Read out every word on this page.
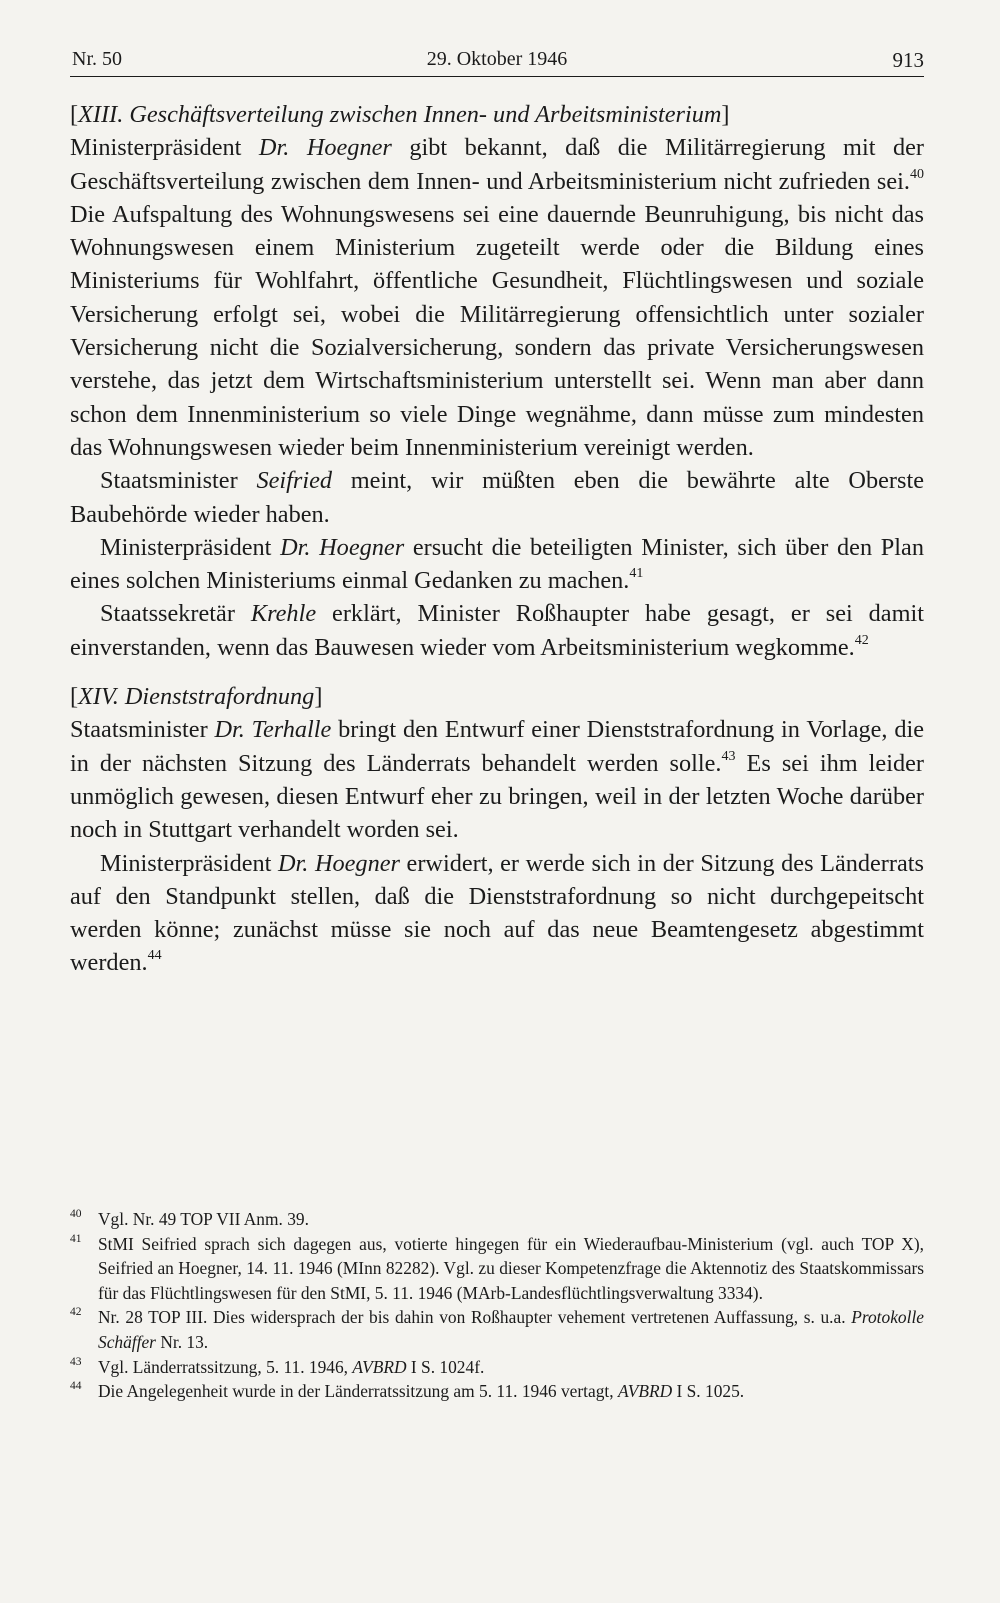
Nr. 50	29. Oktober 1946	913

[XIII. Geschäftsverteilung zwischen Innen- und Arbeitsministerium]

Ministerpräsident Dr. Hoegner gibt bekannt, daß die Militärregierung mit der Geschäftsverteilung zwischen dem Innen- und Arbeitsministerium nicht zufrieden sei.$^{40}$ Die Aufspaltung des Wohnungswesens sei eine dauernde Beunruhigung, bis nicht das Wohnungswesen einem Ministerium zugeteilt werde oder die Bildung eines Ministeriums für Wohlfahrt, öffentliche Gesundheit, Flüchtlingswesen und soziale Versicherung erfolgt sei, wobei die Militärregierung offensichtlich unter sozialer Versicherung nicht die Sozialversicherung, sondern das private Versicherungswesen verstehe, das jetzt dem Wirtschaftsministerium unterstellt sei. Wenn man aber dann schon dem Innenministerium so viele Dinge wegnähme, dann müsse zum mindesten das Wohnungswesen wieder beim Innenministerium vereinigt werden.

Staatsminister Seifried meint, wir müßten eben die bewährte alte Oberste Baubehörde wieder haben.

Ministerpräsident Dr. Hoegner ersucht die beteiligten Minister, sich über den Plan eines solchen Ministeriums einmal Gedanken zu machen.$^{41}$

Staatssekretär Krehle erklärt, Minister Roßhaupter habe gesagt, er sei damit einverstanden, wenn das Bauwesen wieder vom Arbeitsministerium wegkomme.$^{42}$

[XIV. Dienststrafordnung]

Staatsminister Dr. Terhalle bringt den Entwurf einer Dienststrafordnung in Vorlage, die in der nächsten Sitzung des Länderrats behandelt werden solle.$^{43}$ Es sei ihm leider unmöglich gewesen, diesen Entwurf eher zu bringen, weil in der letzten Woche darüber noch in Stuttgart verhandelt worden sei.

Ministerpräsident Dr. Hoegner erwidert, er werde sich in der Sitzung des Länderrats auf den Standpunkt stellen, daß die Dienststrafordnung so nicht durchgepeitscht werden könne; zunächst müsse sie noch auf das neue Beamtengesetz abgestimmt werden.$^{44}$

40 Vgl. Nr. 49 TOP VII Anm. 39.

41 StMI Seifried sprach sich dagegen aus, votierte hingegen für ein Wiederaufbau-Ministerium (vgl. auch TOP X), Seifried an Hoegner, 14. 11. 1946 (MInn 82282). Vgl. zu dieser Kompetenzfrage die Aktennotiz des Staatskommissars für das Flüchtlingswesen für den StMI, 5. 11. 1946 (MArb-Landesflüchtlingsverwaltung 3334).

42 Nr. 28 TOP III. Dies widersprach der bis dahin von Roßhaupter vehement vertretenen Auffassung, s. u.a. Protokolle Schäffer Nr. 13.

43 Vgl. Länderratssitzung, 5. 11. 1946, AVBRD I S. 1024f.

44 Die Angelegenheit wurde in der Länderratssitzung am 5. 11. 1946 vertagt, AVBRD I S. 1025.
